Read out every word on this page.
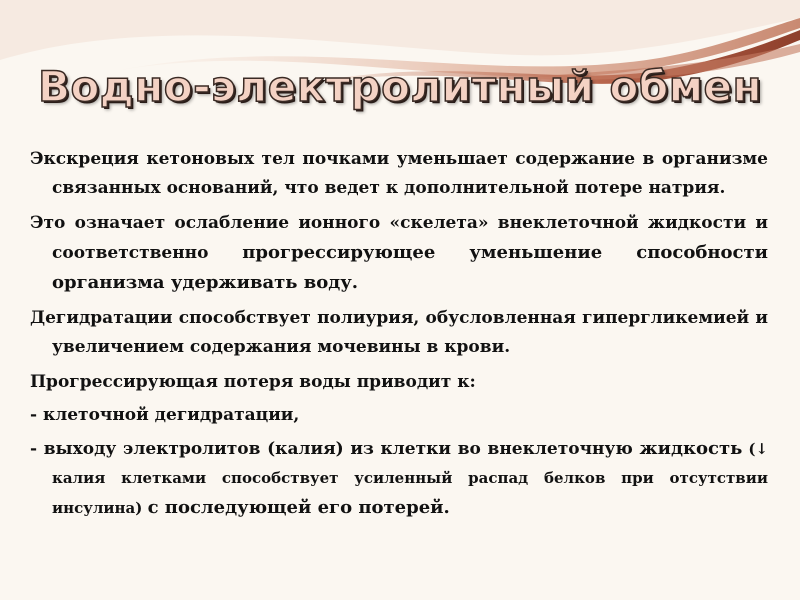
Водно-электролитный обмен

Экскреция кетоновых тел почками уменьшает содержание в организме связанных оснований, что ведет к дополнительной потере натрия.

Это означает ослабление ионного «скелета» внеклеточной жидкости и соответственно прогрессирующее уменьшение способности организма удерживать воду.

Дегидратации способствует полиурия, обусловленная гипергликемией и увеличением содержания мочевины в крови.

Прогрессирующая потеря воды приводит к:

- клеточной дегидратации,

- выходу электролитов (калия) из клетки во внеклеточную жидкость (↓ калия клетками способствует усиленный распад белков при отсутствии инсулина) с последующей его потерей.
